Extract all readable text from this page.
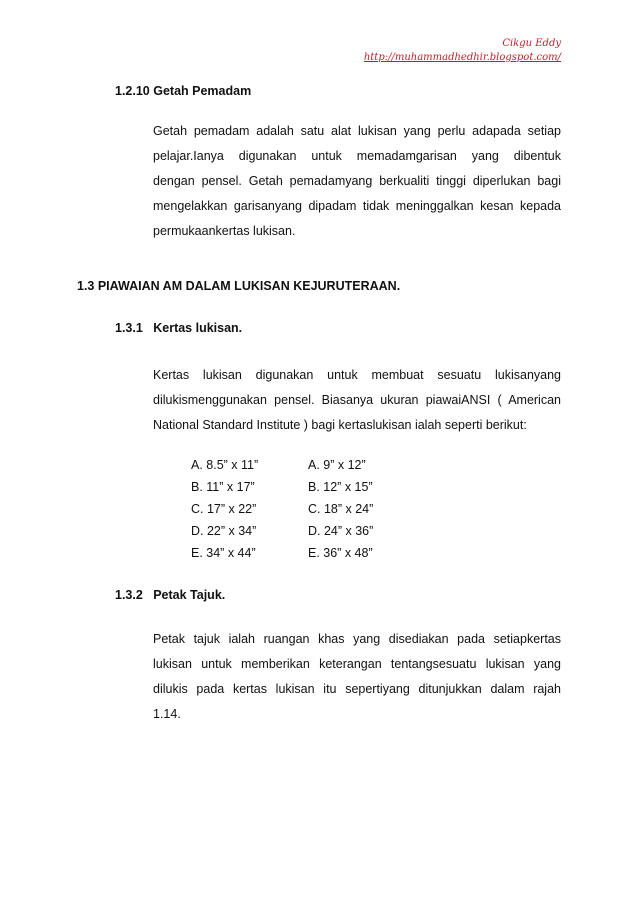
Cikgu Eddy
http://muhammadhedhir.blogspot.com/
1.2.10 Getah Pemadam
Getah pemadam adalah satu alat lukisan yang perlu adapada setiap
pelajar.Ianya digunakan untuk memadamgarisan yang dibentuk
dengan pensel. Getah pemadamyang berkualiti tinggi diperlukan bagi
mengelakkan garisanyang dipadam tidak meninggalkan kesan kepada
permukaankertas lukisan.
1.3 PIAWAIAN AM DALAM LUKISAN KEJURUTERAAN.
1.3.1   Kertas lukisan.
Kertas lukisan digunakan untuk membuat sesuatu lukisanyang
dilukismenggunakan pensel. Biasanya ukuran piawaiANSI ( American
National Standard Institute ) bagi kertaslukisan ialah seperti berikut:
A. 8.5” x 11”	A. 9” x 12”
B. 11” x 17”	B. 12” x 15”
C. 17” x 22”	C. 18” x 24”
D. 22” x 34”	D. 24” x 36”
E. 34” x 44”	E. 36” x 48”
1.3.2   Petak Tajuk.
Petak tajuk ialah ruangan khas yang disediakan pada setiapkertas
lukisan untuk memberikan keterangan tentangsesuatu lukisan yang
dilukis pada kertas lukisan itu sepertiyang ditunjukkan dalam rajah
1.14.
